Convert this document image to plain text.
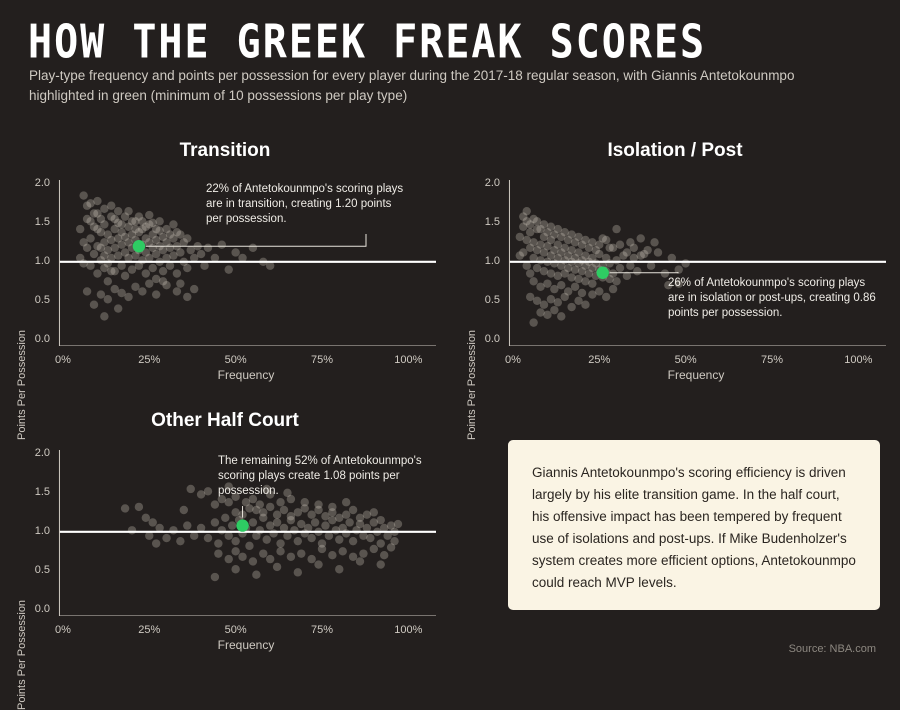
HOW THE GREEK FREAK SCORES
Play-type frequency and points per possession for every player during the 2017-18 regular season, with Giannis Antetokounmpo highlighted in green (minimum of 10 possessions per play type)
Transition
Points Per Possession 0.0
0.5
1.0
1.5
2.0
0%	25%	50%	75%	100%
Frequency
22% of Antetokounmpo's scoring plays are in transition, creating 1.20 points per possession.
Isolation / Post
Points Per Possession 0.0
0.5
1.0
1.5
2.0
0%	25%	50%	75%	100%
Frequency
26% of Antetokounmpo's scoring plays are in isolation or post-ups, creating 0.86 points per possession.
Other Half Court
Points Per Possession 0.0
0.5
1.0
1.5
2.0
0%	25%	50%	75%	100%
Frequency
The remaining 52% of Antetokounmpo's scoring plays create 1.08 points per possession.
Giannis Antetokounmpo's scoring efficiency is driven largely by his elite transition game. In the half court, his offensive impact has been tempered by frequent use of isolations and post-ups. If Mike Budenholzer's system creates more efficient options, Antetokounmpo could reach MVP levels.
Source: NBA.com
